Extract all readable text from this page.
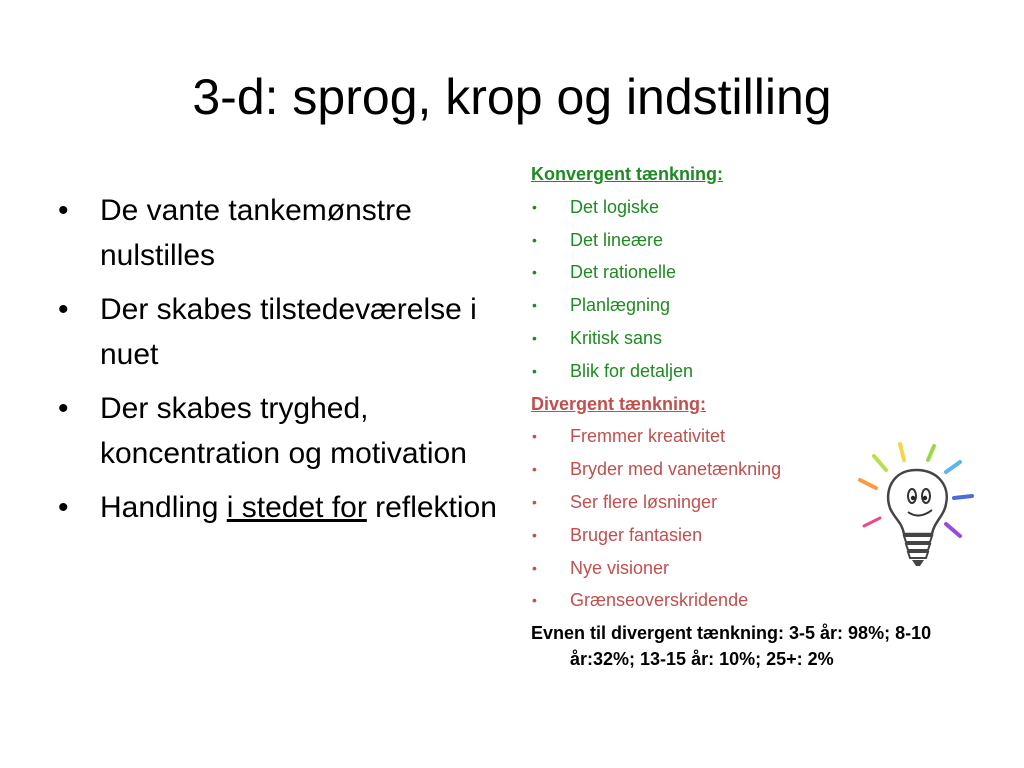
3-d: sprog, krop og indstilling
• De vante tankemønstre nulstilles
• Der skabes tilstedeværelse i nuet
• Der skabes tryghed, koncentration og motivation
• Handling i stedet for reflektion
Konvergent tænkning:
• Det logiske
• Det lineære
• Det rationelle
• Planlægning
• Kritisk sans
• Blik for detaljen
Divergent tænkning:
• Fremmer kreativitet
• Bryder med vanetænkning
• Ser flere løsninger
• Bruger fantasien
• Nye visioner
• Grænseoverskridende
Evnen til divergent tænkning: 3-5 år: 98%; 8-10 år:32%; 13-15 år: 10%; 25+: 2%
